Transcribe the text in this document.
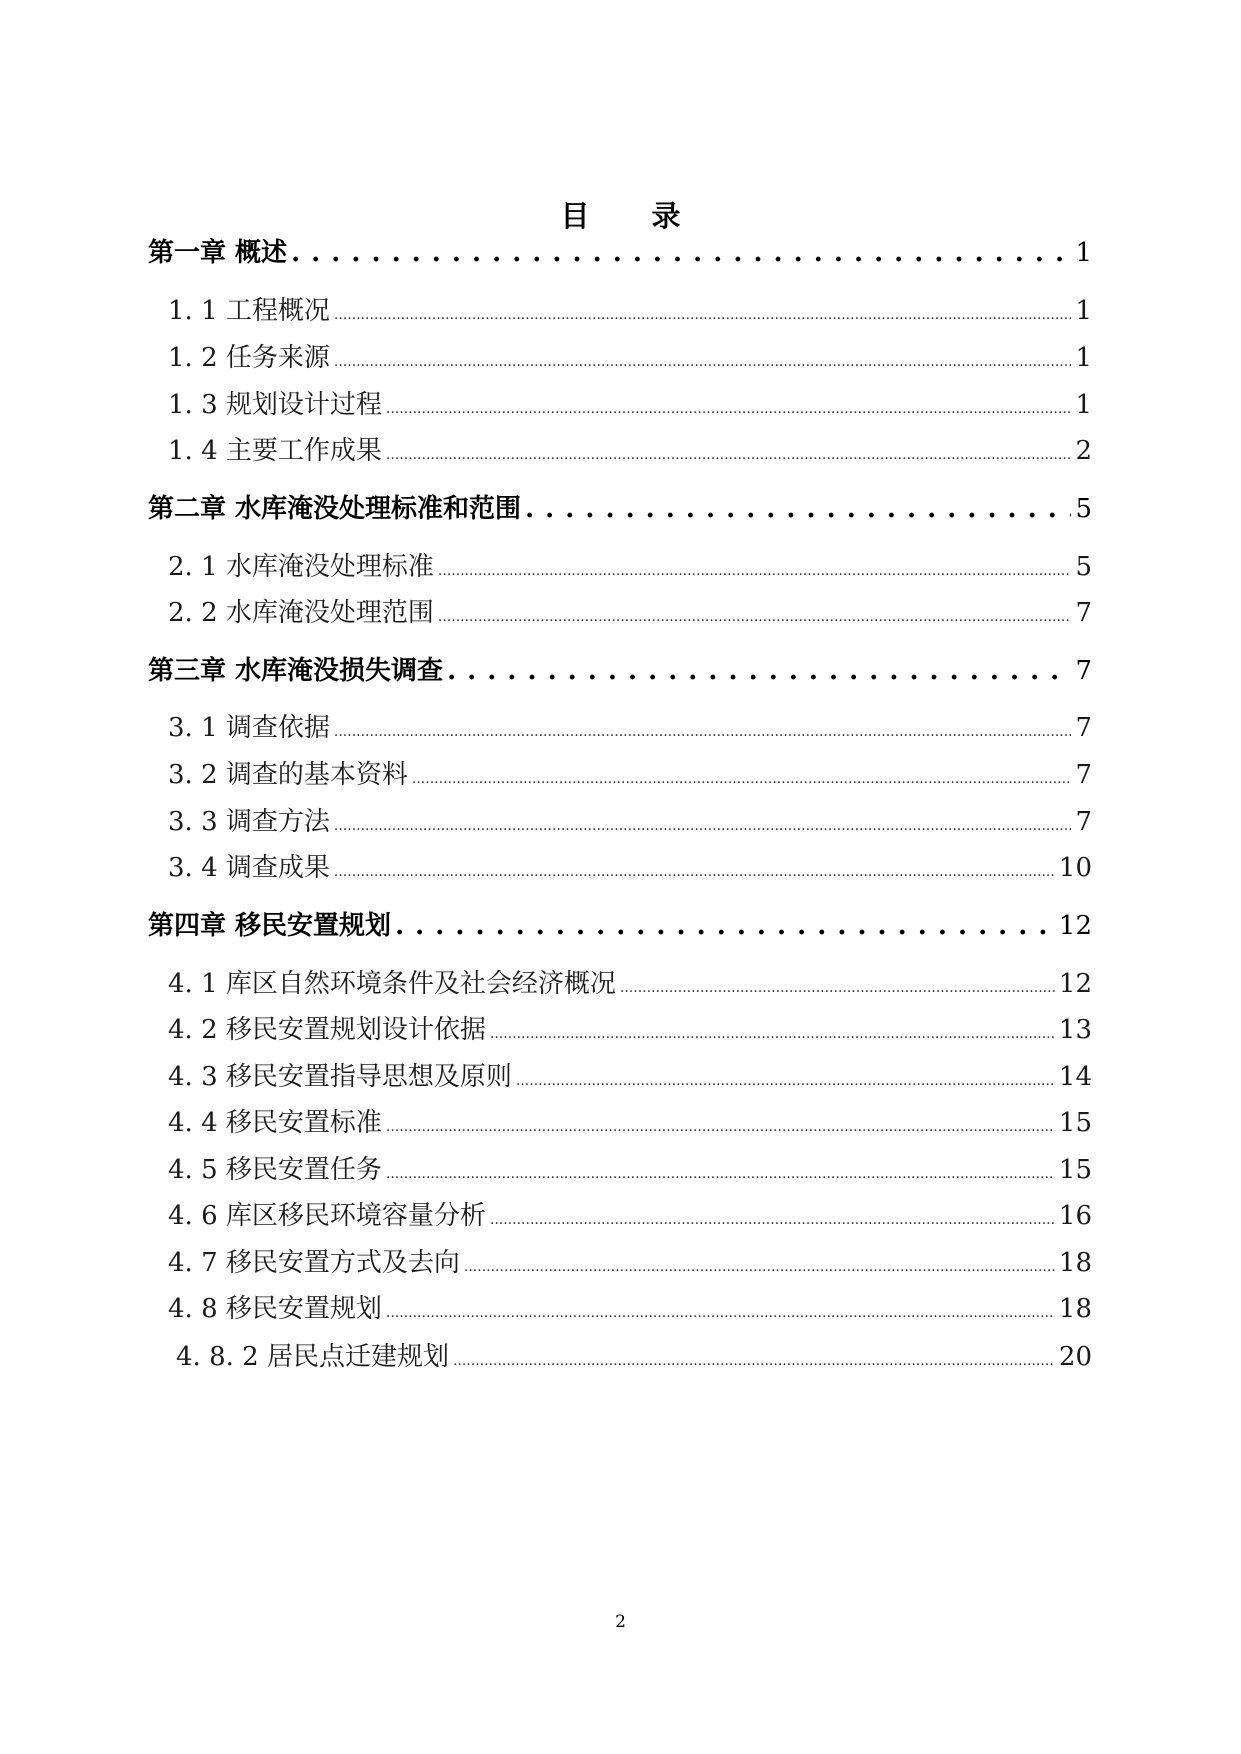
目 录
第一章 概述 . . .	1
1. 1 工程概况 .....	1
1. 2 任务来源 .....	1
1. 3 规划设计过程 .....	1
1. 4 主要工作成果 .....	2
第二章 水库淹没处理标准和范围 . . .	5
2. 1 水库淹没处理标准 .....	5
2. 2 水库淹没处理范围 .....	7
第三章 水库淹没损失调查 . . .	7
3. 1 调查依据 .....	7
3. 2 调查的基本资料 .....	7
3. 3 调查方法 .....	7
3. 4 调查成果 .....	10
第四章 移民安置规划 . . .	12
4. 1 库区自然环境条件及社会经济概况 .....	12
4. 2 移民安置规划设计依据 .....	13
4. 3 移民安置指导思想及原则 .....	14
4. 4 移民安置标准 .....	15
4. 5 移民安置任务 .....	15
4. 6 库区移民环境容量分析 .....	16
4. 7 移民安置方式及去向 .....	18
4. 8 移民安置规划 .....	18
4. 8. 2 居民点迁建规划 .....	20
2
